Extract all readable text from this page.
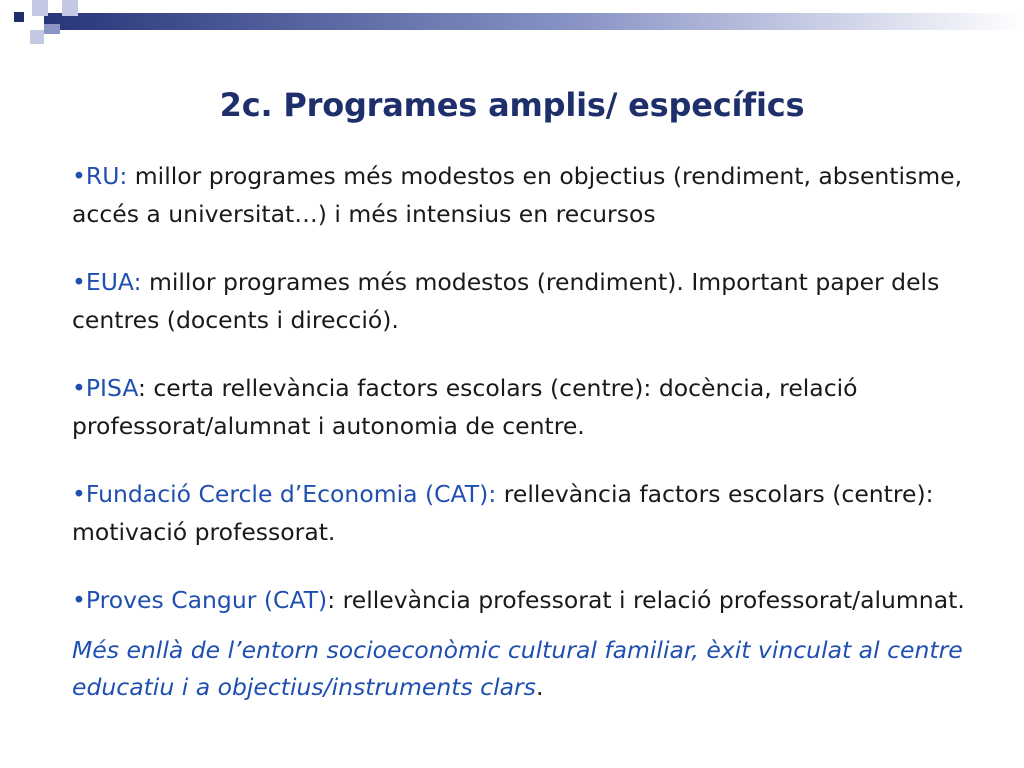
2c. Programes amplis/ específics

•RU: millor programes més modestos en objectius (rendiment, absentisme, accés a universitat…) i més intensius en recursos

•EUA: millor programes més modestos (rendiment). Important paper dels centres (docents i direcció).

•PISA: certa rellevància factors escolars (centre): docència, relació professorat/alumnat i autonomia de centre.

•Fundació Cercle d’Economia (CAT): rellevància factors escolars (centre): motivació professorat.

•Proves Cangur (CAT): rellevància professorat i relació professorat/alumnat.

Més enllà de l’entorn socioeconòmic cultural familiar, èxit vinculat al centre educatiu i a objectius/instruments clars.
